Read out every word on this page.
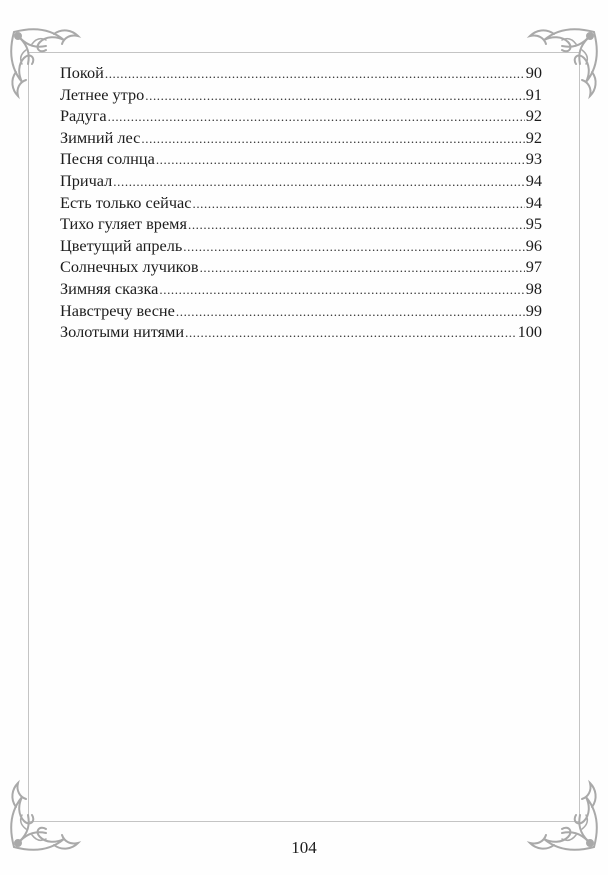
Покой .....	90
Летнее утро .....	91
Радуга .....	92
Зимний лес .....	92
Песня солнца .....	93
Причал .....	94
Есть только сейчас .....	94
Тихо гуляет время .....	95
Цветущий апрель .....	96
Солнечных лучиков .....	97
Зимняя сказка .....	98
Навстречу весне .....	99
Золотыми нитями .....	100
104
